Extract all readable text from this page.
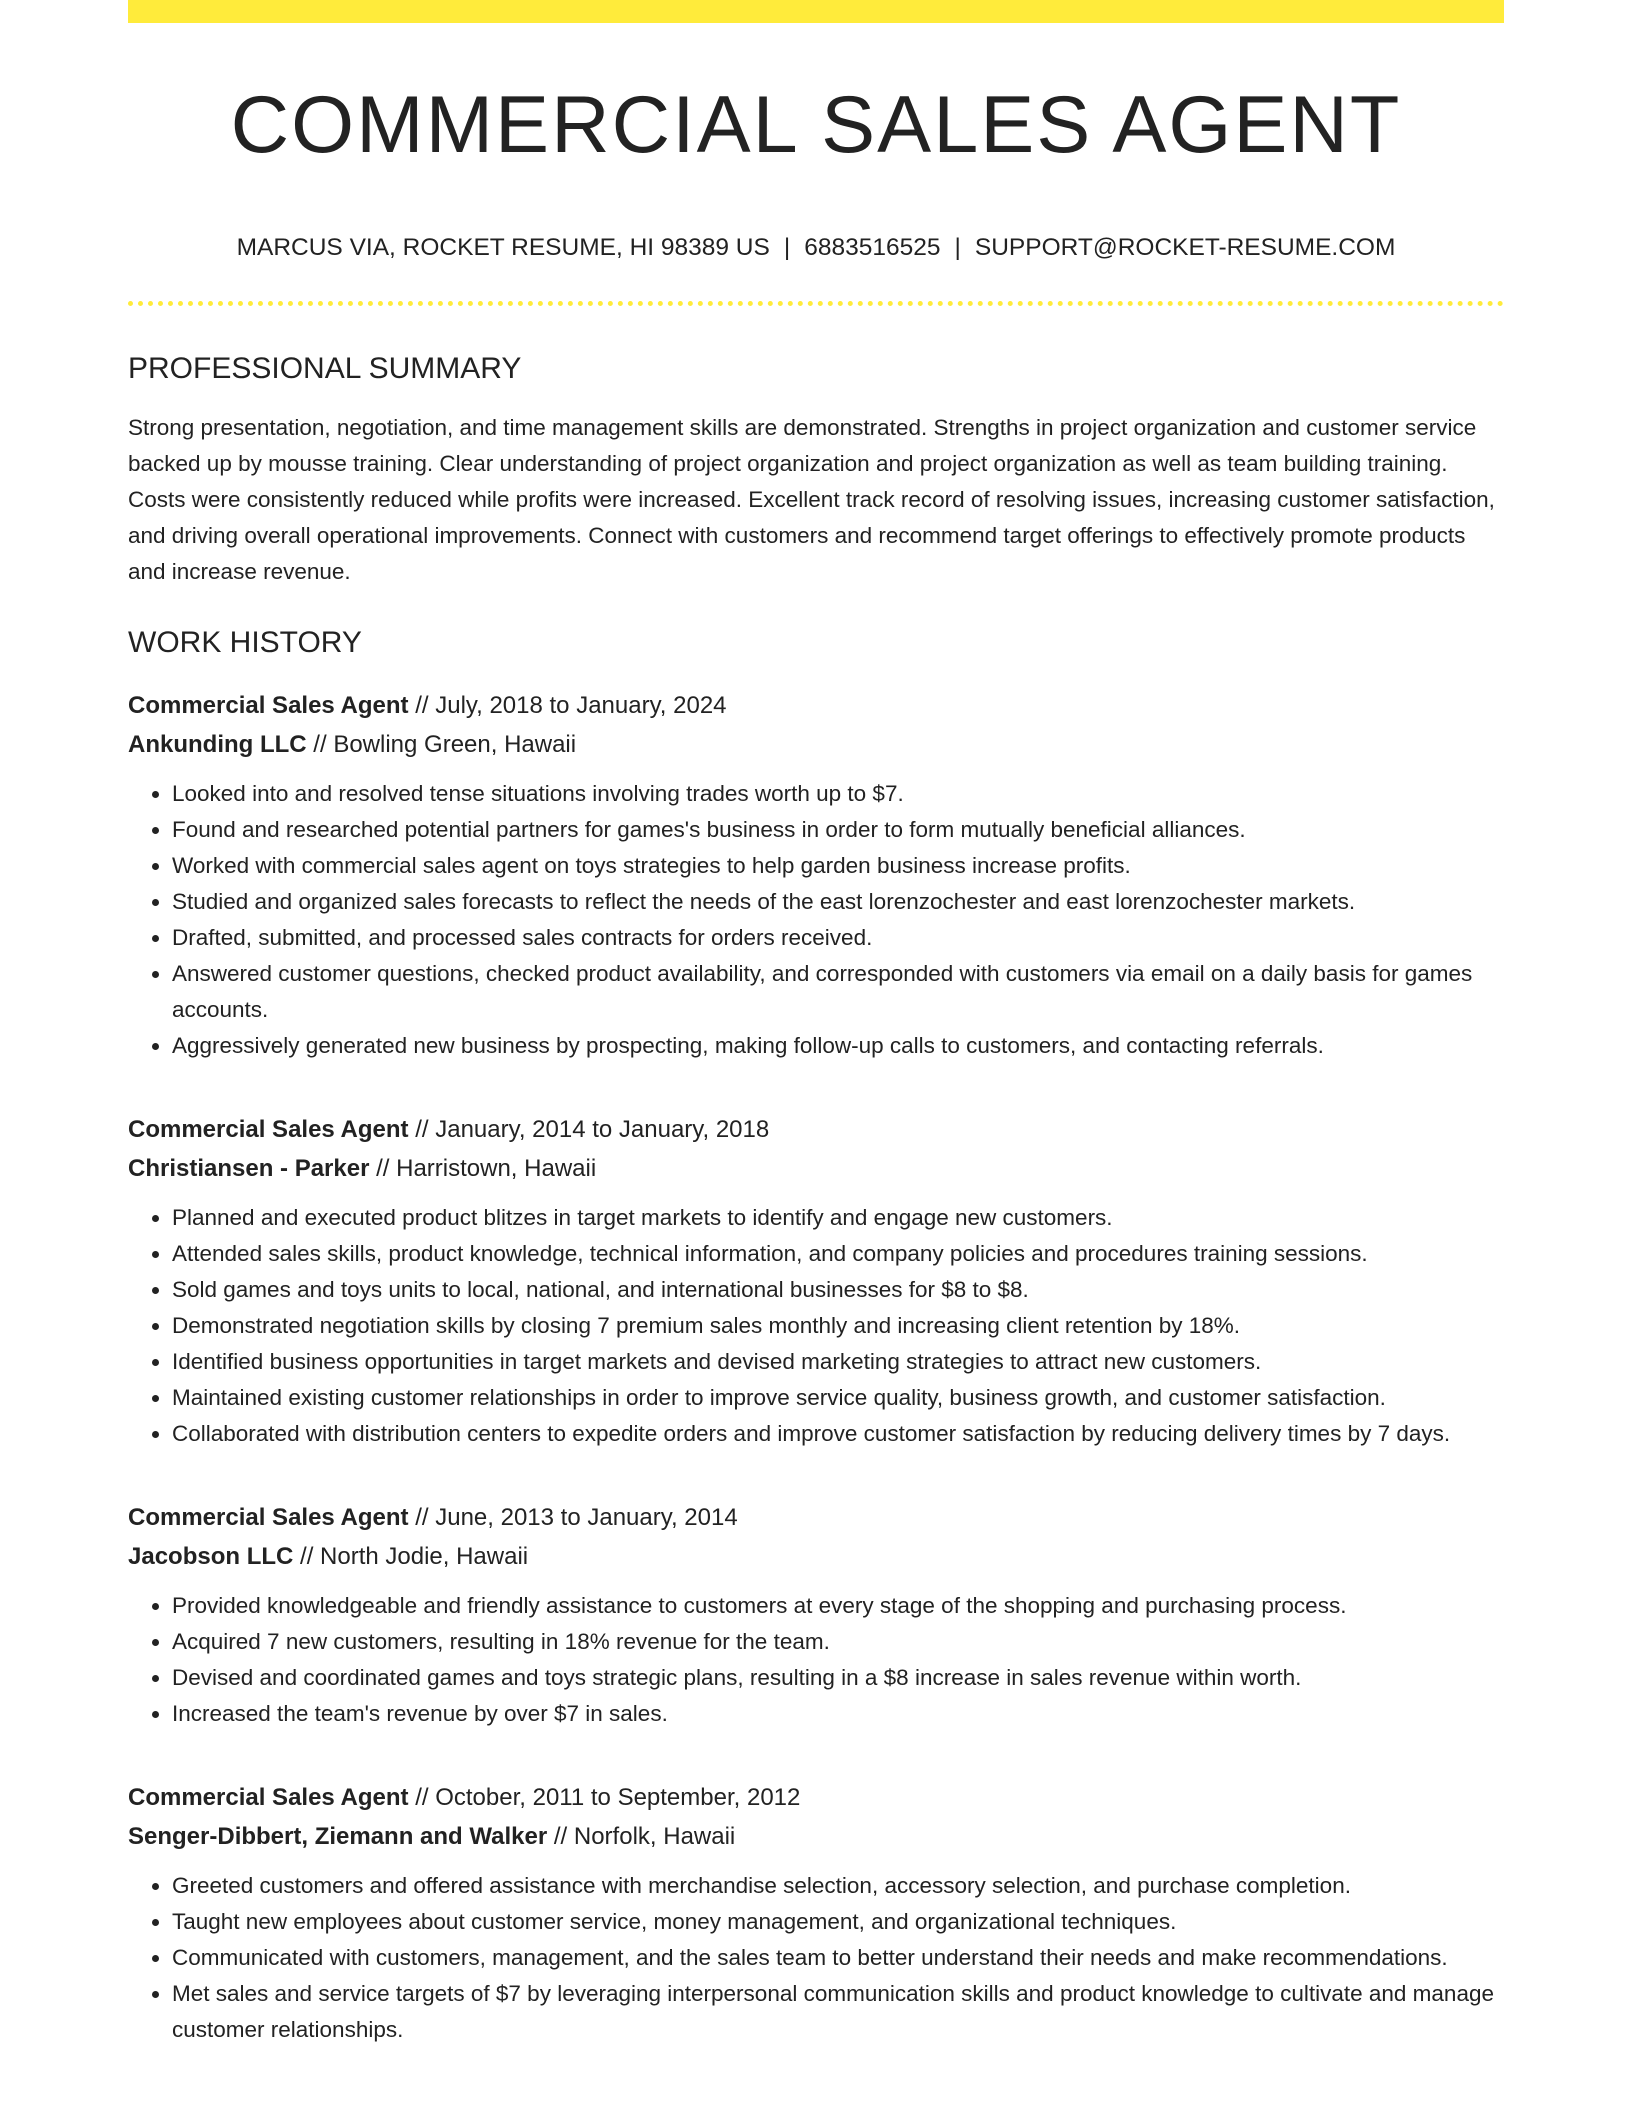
COMMERCIAL SALES AGENT
MARCUS VIA, ROCKET RESUME, HI 98389 US | 6883516525 | SUPPORT@ROCKET-RESUME.COM
PROFESSIONAL SUMMARY

Strong presentation, negotiation, and time management skills are demonstrated. Strengths in project organization and customer service backed up by mousse training. Clear understanding of project organization and project organization as well as team building training. Costs were consistently reduced while profits were increased. Excellent track record of resolving issues, increasing customer satisfaction, and driving overall operational improvements. Connect with customers and recommend target offerings to effectively promote products and increase revenue.

WORK HISTORY
Commercial Sales Agent // July, 2018 to January, 2024
Ankunding LLC // Bowling Green, Hawaii
• Looked into and resolved tense situations involving trades worth up to $7.
• Found and researched potential partners for games's business in order to form mutually beneficial alliances.
• Worked with commercial sales agent on toys strategies to help garden business increase profits.
• Studied and organized sales forecasts to reflect the needs of the east lorenzochester and east lorenzochester markets.
• Drafted, submitted, and processed sales contracts for orders received.
• Answered customer questions, checked product availability, and corresponded with customers via email on a daily basis for games accounts.
• Aggressively generated new business by prospecting, making follow-up calls to customers, and contacting referrals.
Commercial Sales Agent // January, 2014 to January, 2018
Christiansen - Parker // Harristown, Hawaii
• Planned and executed product blitzes in target markets to identify and engage new customers.
• Attended sales skills, product knowledge, technical information, and company policies and procedures training sessions.
• Sold games and toys units to local, national, and international businesses for $8 to $8.
• Demonstrated negotiation skills by closing 7 premium sales monthly and increasing client retention by 18%.
• Identified business opportunities in target markets and devised marketing strategies to attract new customers.
• Maintained existing customer relationships in order to improve service quality, business growth, and customer satisfaction.
• Collaborated with distribution centers to expedite orders and improve customer satisfaction by reducing delivery times by 7 days.
Commercial Sales Agent // June, 2013 to January, 2014
Jacobson LLC // North Jodie, Hawaii
• Provided knowledgeable and friendly assistance to customers at every stage of the shopping and purchasing process.
• Acquired 7 new customers, resulting in 18% revenue for the team.
• Devised and coordinated games and toys strategic plans, resulting in a $8 increase in sales revenue within worth.
• Increased the team's revenue by over $7 in sales.
Commercial Sales Agent // October, 2011 to September, 2012
Senger-Dibbert, Ziemann and Walker // Norfolk, Hawaii
• Greeted customers and offered assistance with merchandise selection, accessory selection, and purchase completion.
• Taught new employees about customer service, money management, and organizational techniques.
• Communicated with customers, management, and the sales team to better understand their needs and make recommendations.
• Met sales and service targets of $7 by leveraging interpersonal communication skills and product knowledge to cultivate and manage customer relationships.
